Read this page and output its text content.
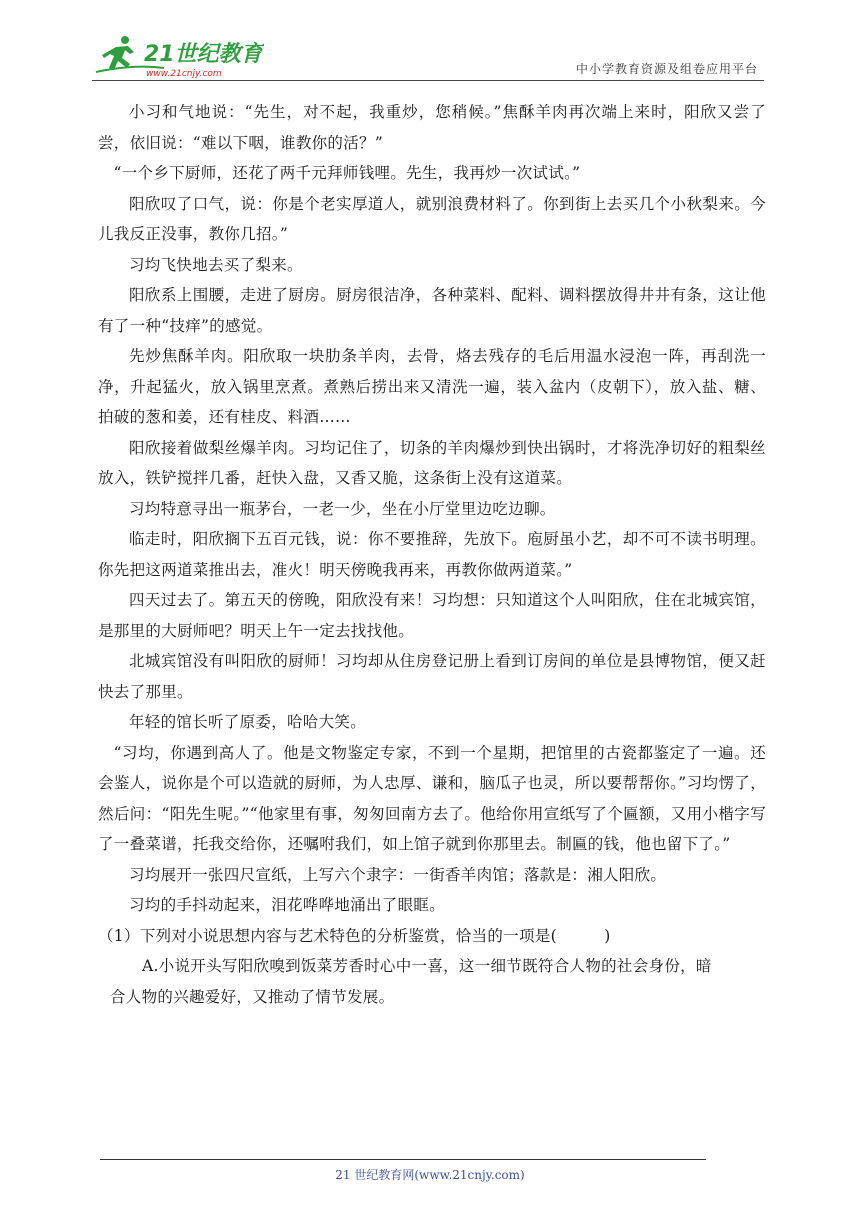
21世纪教育
www.21cnjy.com	中小学教育资源及组卷应用平台

小习和气地说：“先生，对不起，我重炒，您稍候。”焦酥羊肉再次端上来时，阳欣又尝了尝，依旧说：“难以下咽，谁教你的活？”

“一个乡下厨师，还花了两千元拜师钱哩。先生，我再炒一次试试。”

阳欣叹了口气，说：你是个老实厚道人，就别浪费材料了。你到街上去买几个小秋梨来。今儿我反正没事，教你几招。”

习均飞快地去买了梨来。

阳欣系上围腰，走进了厨房。厨房很洁净，各种菜料、配料、调料摆放得井井有条，这让他有了一种“技痒”的感觉。

先炒焦酥羊肉。阳欣取一块肋条羊肉，去骨，烙去残存的毛后用温水浸泡一阵，再刮洗一净，升起猛火，放入锅里烹煮。煮熟后捞出来又清洗一遍，装入盆内（皮朝下），放入盐、糖、拍破的葱和姜，还有桂皮、料酒……

阳欣接着做梨丝爆羊肉。习均记住了，切条的羊肉爆炒到快出锅时，才将洗净切好的粗梨丝放入，铁铲搅拌几番，赶快入盘，又香又脆，这条街上没有这道菜。

习均特意寻出一瓶茅台，一老一少，坐在小厅堂里边吃边聊。

临走时，阳欣搁下五百元钱，说：你不要推辞，先放下。庖厨虽小艺，却不可不读书明理。你先把这两道菜推出去，准火！明天傍晚我再来，再教你做两道菜。”

四天过去了。第五天的傍晚，阳欣没有来！习均想：只知道这个人叫阳欣，住在北城宾馆，是那里的大厨师吧？明天上午一定去找找他。

北城宾馆没有叫阳欣的厨师！习均却从住房登记册上看到订房间的单位是县博物馆，便又赶快去了那里。

年轻的馆长听了原委，哈哈大笑。

“习均，你遇到高人了。他是文物鉴定专家，不到一个星期，把馆里的古瓷都鉴定了一遍。还会鉴人，说你是个可以造就的厨师，为人忠厚、谦和，脑瓜子也灵，所以要帮帮你。”习均愣了，然后问：“阳先生呢。”“他家里有事，匆匆回南方去了。他给你用宣纸写了个匾额，又用小楷字写了一叠菜谱，托我交给你，还嘱咐我们，如上馆子就到你那里去。制匾的钱，他也留下了。”

习均展开一张四尺宣纸，上写六个隶字：一街香羊肉馆；落款是：湘人阳欣。

习均的手抖动起来，泪花哗哗地涌出了眼眶。

（1）下列对小说思想内容与艺术特色的分析鉴赏，恰当的一项是(　　　)

A.小说开头写阳欣嗅到饭菜芳香时心中一喜，这一细节既符合人物的社会身份，暗

合人物的兴趣爱好，又推动了情节发展。

21 世纪教育网(www.21cnjy.com)
